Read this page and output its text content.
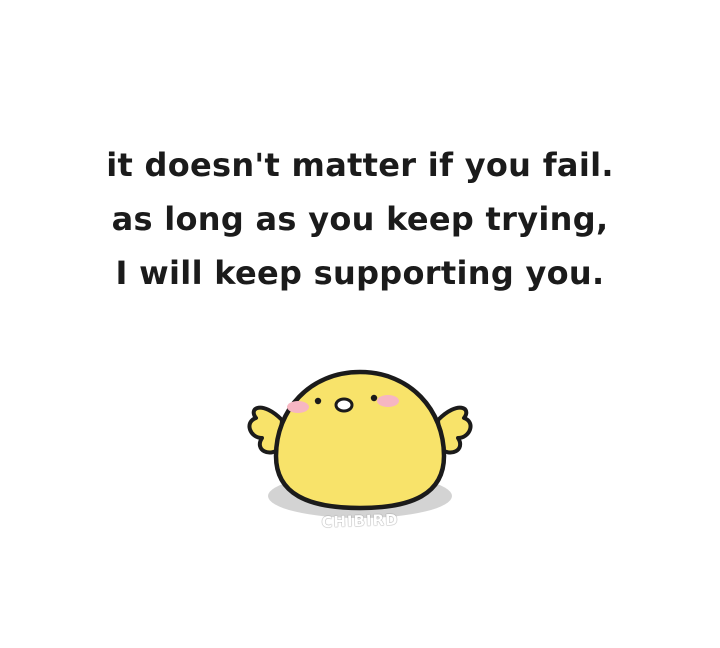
it doesn't matter if you fail.
as long as you keep trying,
I will keep supporting you.
CHIBIRD
